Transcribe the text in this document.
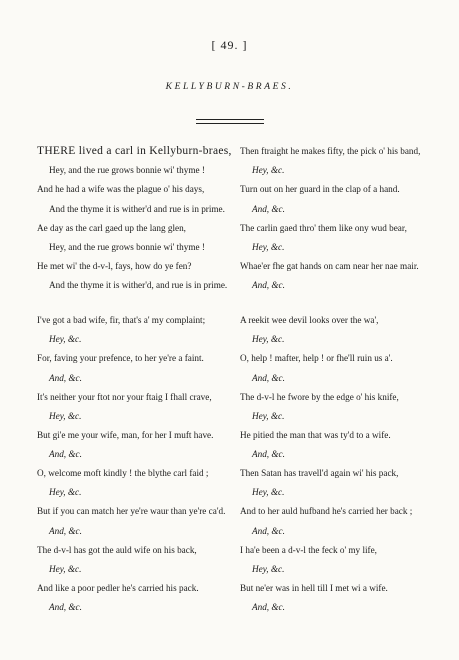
[ 49. ]
KELLYBURN-BRAES.
THERE lived a carl in Kellyburn-braes,
Hey, and the rue grows bonnie wi' thyme !
And he had a wife was the plague o' his days,
And the thyme it is wither'd and rue is in prime.
Ae day as the carl gaed up the lang glen,
Hey, and the rue grows bonnie wi' thyme !
He met wi' the d-v-l, fays, how do ye fen?
And the thyme it is wither'd, and rue is in prime.
I've got a bad wife, fir, that's a' my complaint;
Hey, &c.
For, faving your prefence, to her ye're a faint.
And, &c.
It's neither your ftot nor your ftaig I fhall crave,
Hey, &c.
But gi'e me your wife, man, for her I muft have.
And, &c.
O, welcome moft kindly ! the blythe carl faid ;
Hey, &c.
But if you can match her ye're waur than ye're ca'd.
And, &c.
The d-v-l has got the auld wife on his back,
Hey, &c.
And like a poor pedler he's carried his pack.
And, &c.
Then ftraight he makes fifty, the pick o' his band,
Hey, &c.
Turn out on her guard in the clap of a hand.
And, &c.
The carlin gaed thro' them like ony wud bear,
Hey, &c.
Whae'er fhe gat hands on cam near her nae mair.
And, &c.
A reekit wee devil looks over the wa',
Hey, &c.
O, help ! mafter, help ! or fhe'll ruin us a'.
And, &c.
The d-v-l he fwore by the edge o' his knife,
Hey, &c.
He pitied the man that was ty'd to a wife.
And, &c.
Then Satan has travell'd again wi' his pack,
Hey, &c.
And to her auld hufband he's carried her back ;
And, &c.
I ha'e been a d-v-l the feck o' my life,
Hey, &c.
But ne'er was in hell till I met wi a wife.
And, &c.
